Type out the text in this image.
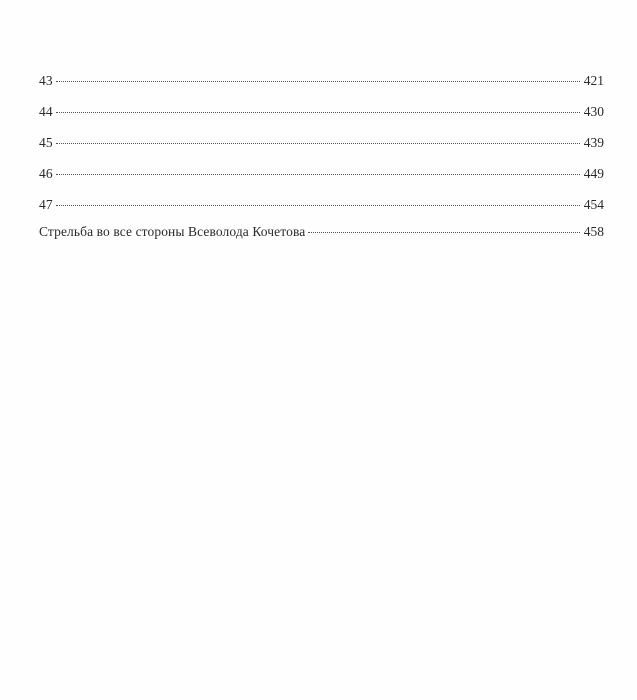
43	421
44	430
45	439
46	449
47	454
Стрельба во все стороны Всеволода Кочетова	458
